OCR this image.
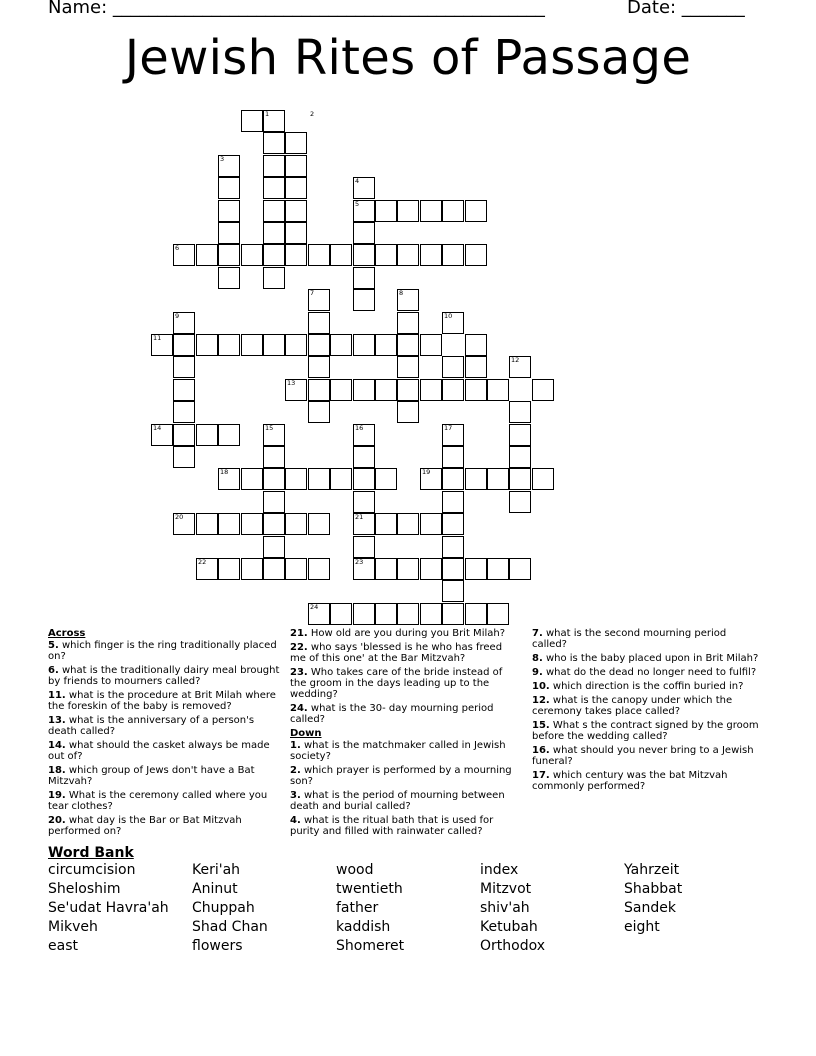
Name: ________________________________________________	Date: _______
Jewish Rites of Passage
1	2
3
4
5
6
7	8
9	10
11
12
13
14	15	16	17
18	19
20	21
22	23
24
Across
5. which finger is the ring traditionally placed on?
6. what is the traditionally dairy meal brought by friends to mourners called?
11. what is the procedure at Brit Milah where the foreskin of the baby is removed?
13. what is the anniversary of a person's death called?
14. what should the casket always be made out of?
18. which group of Jews don't have a Bat Mitzvah?
19. What is the ceremony called where you tear clothes?
20. what day is the Bar or Bat Mitzvah performed on?
21. How old are you during you Brit Milah?
22. who says 'blessed is he who has freed me of this one' at the Bar Mitzvah?
23. Who takes care of the bride instead of the groom in the days leading up to the wedding?
24. what is the 30- day mourning period called?
Down
1. what is the matchmaker called in Jewish society?
2. which prayer is performed by a mourning son?
3. what is the period of mourning between death and burial called?
4. what is the ritual bath that is used for purity and filled with rainwater called?
7. what is the second mourning period called?
8. who is the baby placed upon in Brit Milah?
9. what do the dead no longer need to fulfil?
10. which direction is the coffin buried in?
12. what is the canopy under which the ceremony takes place called?
15. What s the contract signed by the groom before the wedding called?
16. what should you never bring to a Jewish funeral?
17. which century was the bat Mitzvah commonly performed?
Word Bank
circumcision	Keri'ah	wood	index	Yahrzeit
Sheloshim	Aninut	twentieth	Mitzvot	Shabbat
Se'udat Havra'ah	Chuppah	father	shiv'ah	Sandek
Mikveh	Shad Chan	kaddish	Ketubah	eight
east	flowers	Shomeret	Orthodox
